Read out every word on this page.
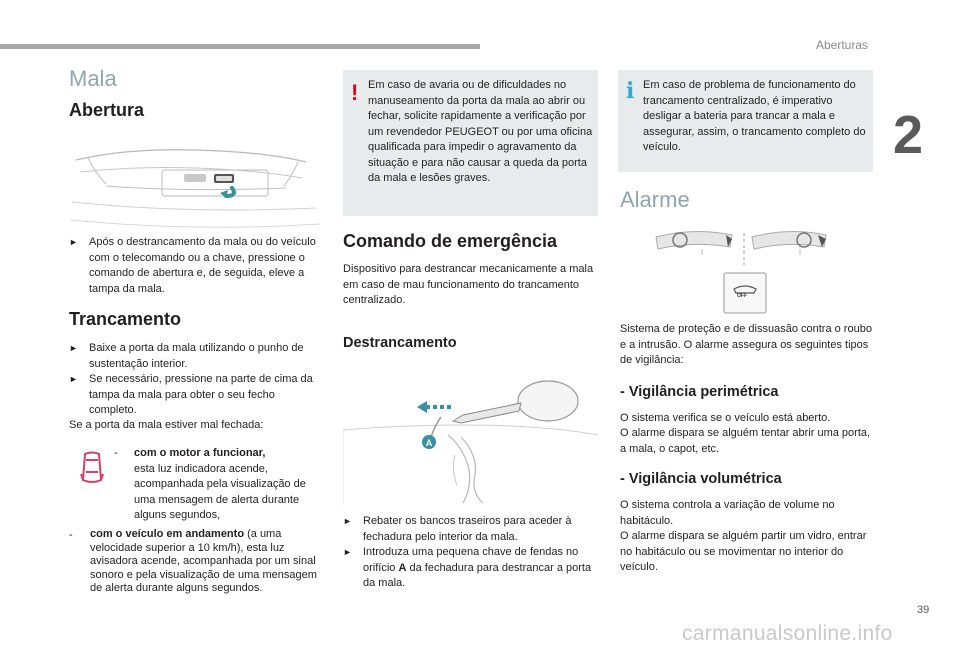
Aberturas
2
Mala
Abertura
►	Após o destrancamento da mala ou do veículo com o telecomando ou a chave, pressione o comando de abertura e, de seguida, eleve a tampa da mala.
Trancamento
►	Baixe a porta da mala utilizando o punho de sustentação interior.
►	Se necessário, pressione na parte de cima da tampa da mala para obter o seu fecho completo.
Se a porta da mala estiver mal fechada:
-	com o motor a funcionar,
esta luz indicadora acende, acompanhada pela visualização de uma mensagem de alerta durante alguns segundos,
-	com o veículo em andamento (a uma velocidade superior a 10 km/h), esta luz avisadora acende, acompanhada por um sinal sonoro e pela visualização de uma mensagem de alerta durante alguns segundos.
! Em caso de avaria ou de dificuldades no manuseamento da porta da mala ao abrir ou fechar, solicite rapidamente a verificação por um revendedor PEUGEOT ou por uma oficina qualificada para impedir o agravamento da situação e para não causar a queda da porta da mala e lesões graves.
Comando de emergência
Dispositivo para destrancar mecanicamente a mala em caso de mau funcionamento do trancamento centralizado.
Destrancamento
A
►	Rebater os bancos traseiros para aceder à fechadura pelo interior da mala.
►	Introduza uma pequena chave de fendas no orifício A da fechadura para destrancar a porta da mala.
i Em caso de problema de funcionamento do trancamento centralizado, é imperativo desligar a bateria para trancar a mala e assegurar, assim, o trancamento completo do veículo.
Alarme
OFF
Sistema de proteção e de dissuasão contra o roubo e a intrusão. O alarme assegura os seguintes tipos de vigilância:
- Vigilância perimétrica
O sistema verifica se o veículo está aberto.
O alarme dispara se alguém tentar abrir uma porta, a mala, o capot, etc.
- Vigilância volumétrica
O sistema controla a variação de volume no habitáculo.
O alarme dispara se alguém partir um vidro, entrar no habitáculo ou se movimentar no interior do veículo.
39
carmanualsonline.info
